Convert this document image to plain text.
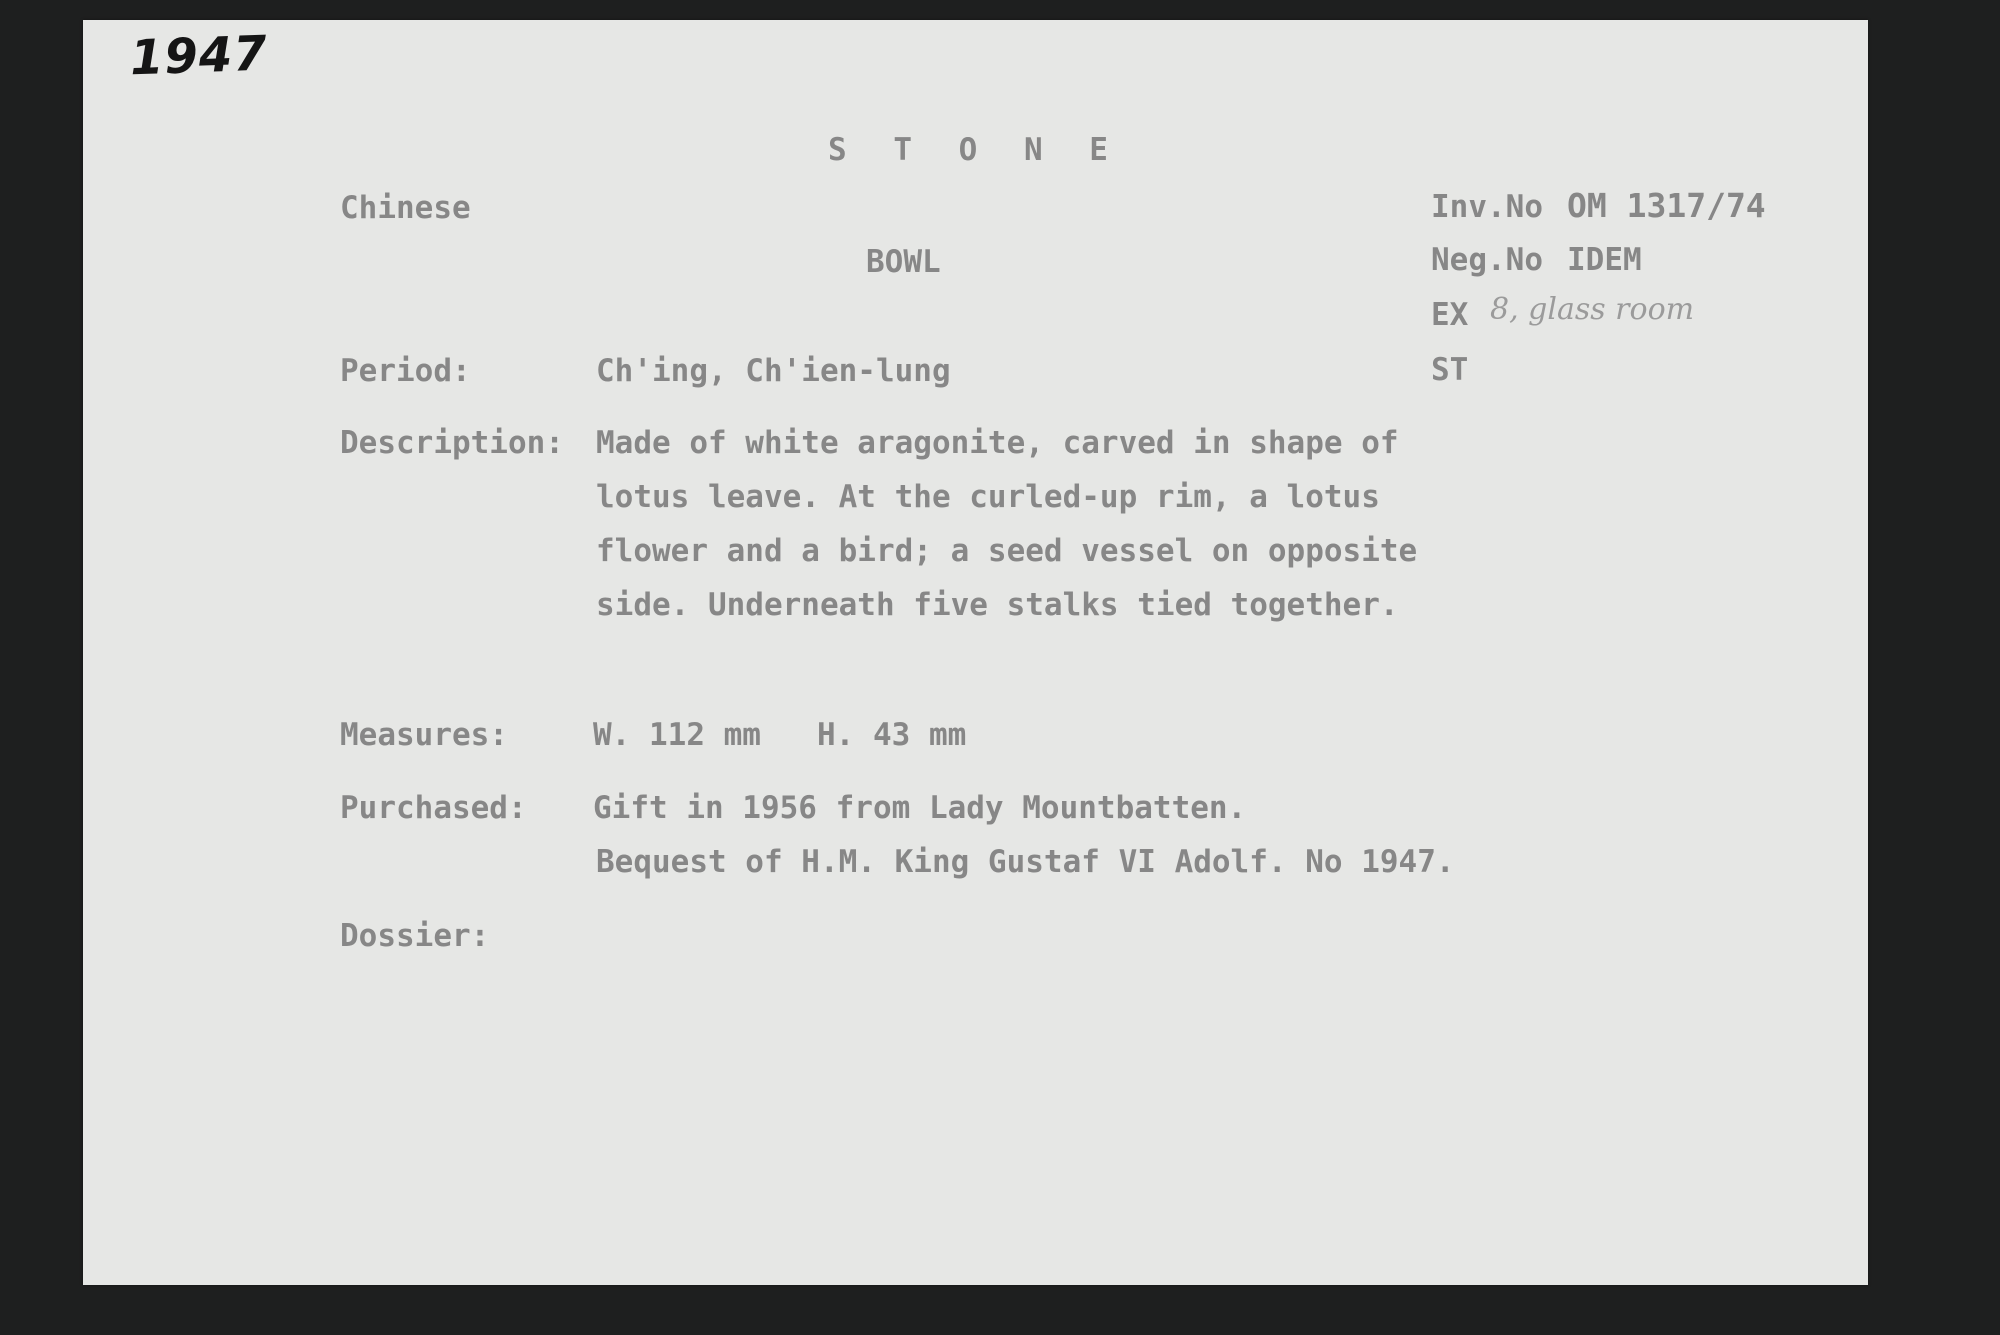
1947
S T O N E
Chinese
BOWL
Inv.No OM 1317/74
Neg.No IDEM
EX 8, glass room
ST
Period:	Ch'ing, Ch'ien-lung
Description: Made of white aragonite, carved in shape of
lotus leave. At the curled-up rim, a lotus
flower and a bird; a seed vessel on opposite
side. Underneath five stalks tied together.
Measures:	W. 112 mm   H. 43 mm
Purchased: Gift in 1956 from Lady Mountbatten.
Bequest of H.M. King Gustaf VI Adolf. No 1947.
Dossier:
